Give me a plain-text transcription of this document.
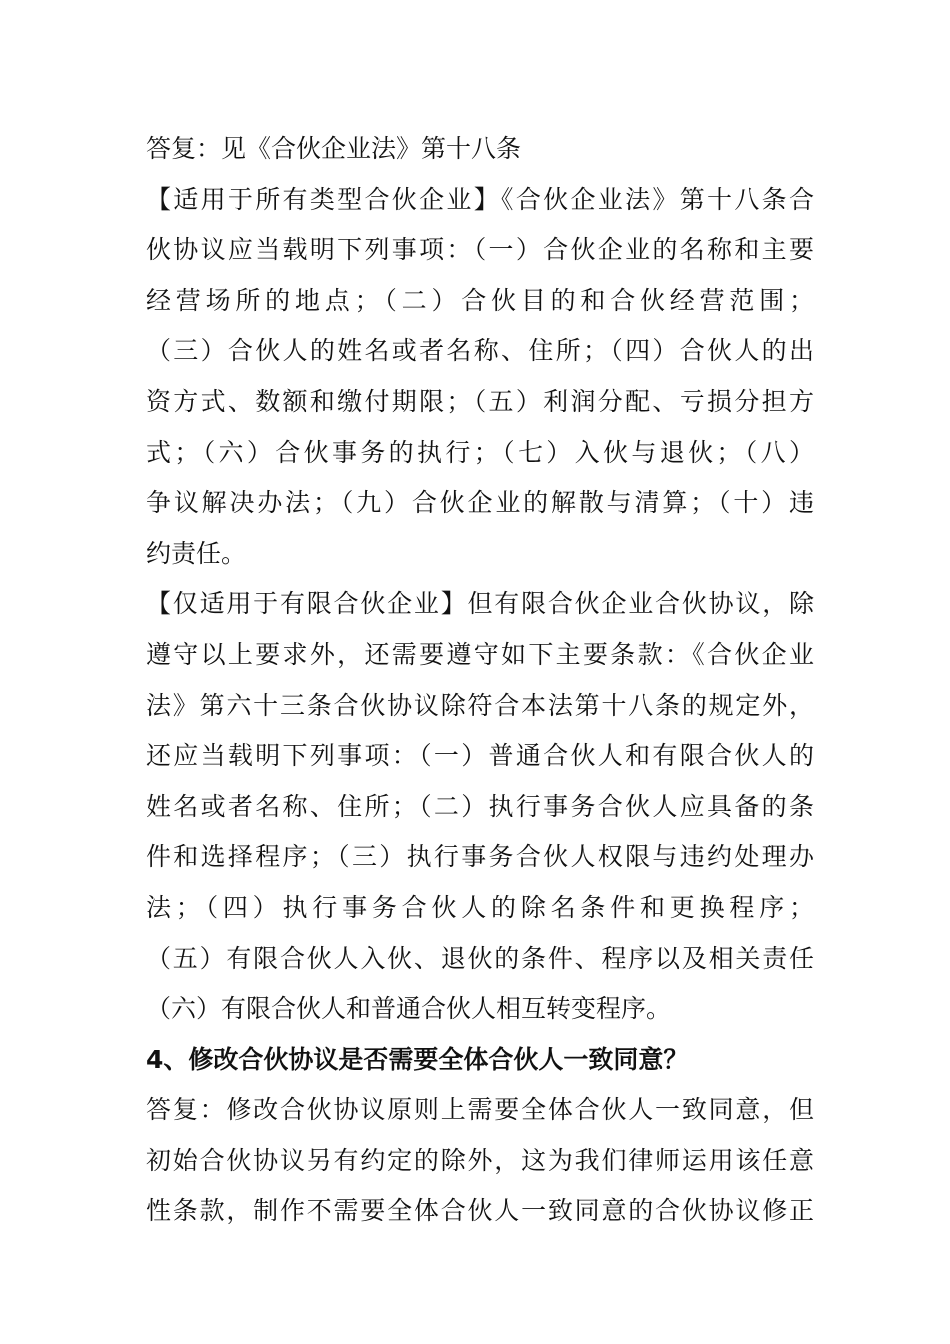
答复：见《合伙企业法》第十八条
【适用于所有类型合伙企业】《合伙企业法》第十八条合
伙协议应当载明下列事项：（一）合伙企业的名称和主要
经营场所的地点；（二）合伙目的和合伙经营范围；
（三）合伙人的姓名或者名称、住所；（四）合伙人的出
资方式、数额和缴付期限；（五）利润分配、亏损分担方
式；（六）合伙事务的执行；（七）入伙与退伙；（八）
争议解决办法；（九）合伙企业的解散与清算；（十）违
约责任。
【仅适用于有限合伙企业】但有限合伙企业合伙协议，除
遵守以上要求外，还需要遵守如下主要条款：《合伙企业
法》第六十三条合伙协议除符合本法第十八条的规定外，
还应当载明下列事项：（一）普通合伙人和有限合伙人的
姓名或者名称、住所；（二）执行事务合伙人应具备的条
件和选择程序；（三）执行事务合伙人权限与违约处理办
法；（四）执行事务合伙人的除名条件和更换程序；
（五）有限合伙人入伙、退伙的条件、程序以及相关责任
（六）有限合伙人和普通合伙人相互转变程序。
4、修改合伙协议是否需要全体合伙人一致同意？
答复：修改合伙协议原则上需要全体合伙人一致同意，但
初始合伙协议另有约定的除外，这为我们律师运用该任意
性条款，制作不需要全体合伙人一致同意的合伙协议修正
